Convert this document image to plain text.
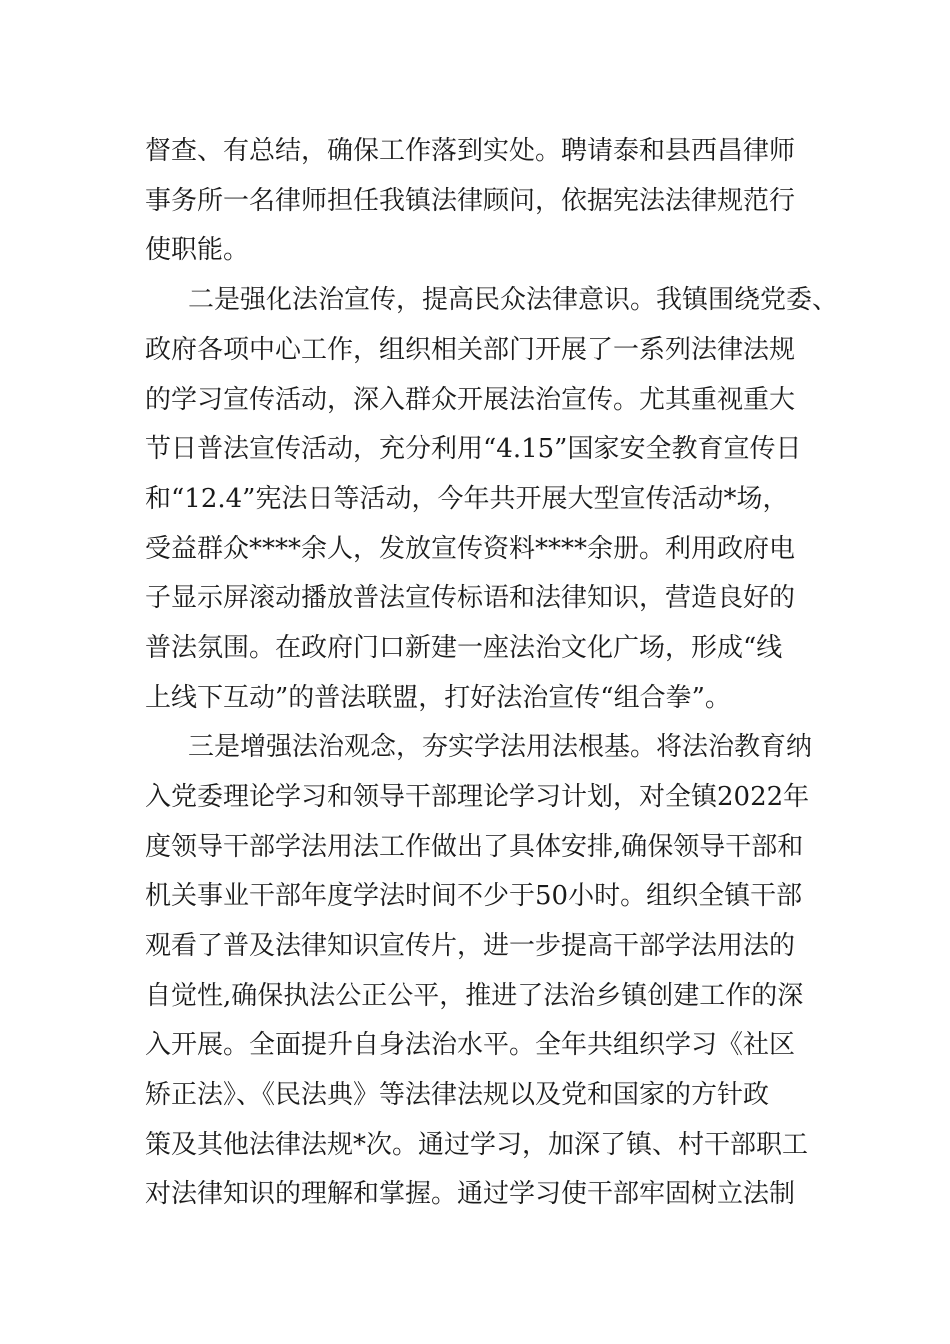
督查、有总结，确保工作落到实处。聘请泰和县西昌律师

事务所一名律师担任我镇法律顾问，依据宪法法律规范行

使职能。

二是强化法治宣传，提高民众法律意识。我镇围绕党委、

政府各项中心工作，组织相关部门开展了一系列法律法规

的学习宣传活动，深入群众开展法治宣传。尤其重视重大

节日普法宣传活动，充分利用“4.15”国家安全教育宣传日

和“12.4”宪法日等活动，今年共开展大型宣传活动*场，

受益群众****余人，发放宣传资料****余册。利用政府电

子显示屏滚动播放普法宣传标语和法律知识，营造良好的

普法氛围。在政府门口新建一座法治文化广场，形成“线

上线下互动”的普法联盟，打好法治宣传“组合拳”。

三是增强法治观念，夯实学法用法根基。将法治教育纳

入党委理论学习和领导干部理论学习计划，对全镇2022年

度领导干部学法用法工作做出了具体安排,确保领导干部和

机关事业干部年度学法时间不少于50小时。组织全镇干部

观看了普及法律知识宣传片，进一步提高干部学法用法的

自觉性,确保执法公正公平，推进了法治乡镇创建工作的深

入开展。全面提升自身法治水平。全年共组织学习《社区

矫正法》、《民法典》等法律法规以及党和国家的方针政

策及其他法律法规*次。通过学习，加深了镇、村干部职工

对法律知识的理解和掌握。通过学习使干部牢固树立法制
